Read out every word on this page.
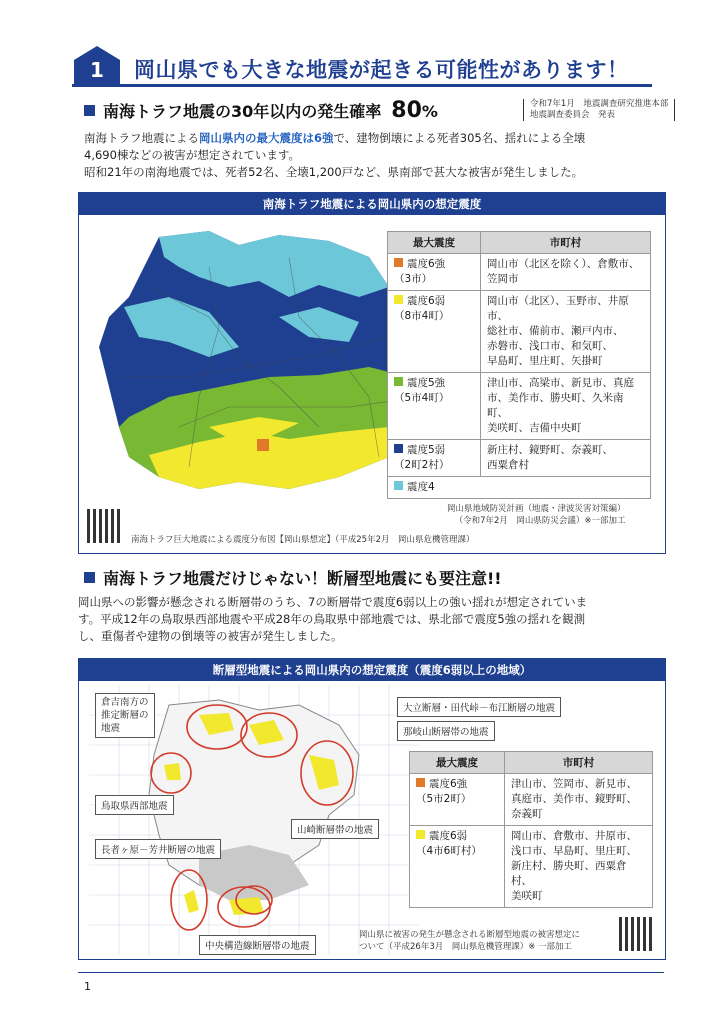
1	岡山県でも大きな地震が起きる可能性があります！
南海トラフ地震の30年以内の発生確率 80%	令和7年1月　地震調査研究推進本部
地震調査委員会　発表
南海トラフ地震による岡山県内の最大震度は6強で、建物倒壊による死者305名、揺れによる全壊
4,690棟などの被害が想定されています。
昭和21年の南海地震では、死者52名、全壊1,200戸など、県南部で甚大な被害が発生しました。
南海トラフ地震による岡山県内の想定震度
最大震度	市町村
震度6強
（3市）	岡山市（北区を除く）、倉敷市、
笠岡市
震度6弱
（8市4町）	岡山市（北区）、玉野市、井原市、
総社市、備前市、瀬戸内市、
赤磐市、浅口市、和気町、
早島町、里庄町、矢掛町
震度5強
（5市4町）	津山市、高梁市、新見市、真庭
市、美作市、勝央町、久米南町、
美咲町、吉備中央町
震度5弱
（2町2村）	新庄村、鏡野町、奈義町、
西粟倉村
震度4	
岡山県地域防災計画（地震・津波災害対策編）
（令和7年2月　岡山県防災会議）※一部加工
南海トラフ巨大地震による震度分布図【岡山県想定】（平成25年2月　岡山県危機管理課）
南海トラフ地震だけじゃない！断層型地震にも要注意!!
岡山県への影響が懸念される断層帯のうち、7の断層帯で震度6弱以上の強い揺れが想定されていま
す。平成12年の鳥取県西部地震や平成28年の鳥取県中部地震では、県北部で震度5強の揺れを観測
し、重傷者や建物の倒壊等の被害が発生しました。
断層型地震による岡山県内の想定震度（震度6弱以上の地域）
倉吉南方の
推定断層の
地震
大立断層・田代峠－布江断層の地震
那岐山断層帯の地震
鳥取県西部地震
山崎断層帯の地震
長者ヶ原－芳井断層の地震
中央構造線断層帯の地震
最大震度	市町村
震度6強
（5市2町）	津山市、笠岡市、新見市、
真庭市、美作市、鏡野町、
奈義町
震度6弱
（4市6町村）	岡山市、倉敷市、井原市、
浅口市、早島町、里庄町、
新庄村、勝央町、西粟倉村、
美咲町
岡山県に被害の発生が懸念される断層型地震の被害想定に
ついて（平成26年3月　岡山県危機管理課）※ 一部加工
1
